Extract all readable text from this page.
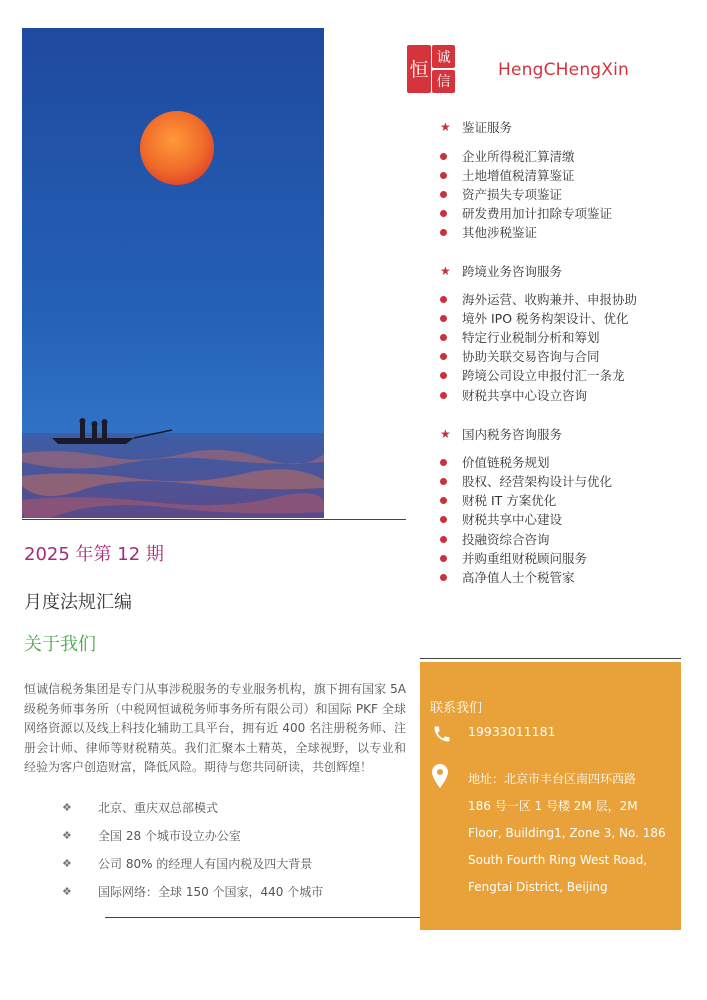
恒
诚
信
HengCHengXin
★ 鉴证服务
企业所得税汇算清缴
土地增值税清算鉴证
资产损失专项鉴证
研发费用加计扣除专项鉴证
其他涉税鉴证
★ 跨境业务咨询服务
海外运营、收购兼并、申报协助
境外 IPO 税务构架设计、优化
特定行业税制分析和筹划
协助关联交易咨询与合同
跨境公司设立申报付汇一条龙
财税共享中心设立咨询
★ 国内税务咨询服务
价值链税务规划
股权、经营架构设计与优化
财税 IT 方案优化
财税共享中心建设
投融资综合咨询
并购重组财税顾问服务
高净值人士个税管家
2025 年第 12 期
月度法规汇编
关于我们
恒诚信税务集团是专门从事涉税服务的专业服务机构，旗下拥有国家 5A 级税务师事务所（中税网恒诚税务师事务所有限公司）和国际 PKF 全球网络资源以及线上科技化辅助工具平台，拥有近 400 名注册税务师、注册会计师、律师等财税精英。我们汇聚本土精英，全球视野，以专业和经验为客户创造财富，降低风险。期待与您共同研读，共创辉煌！
❖	北京、重庆双总部模式
❖	全国 28 个城市设立办公室
❖	公司 80% 的经理人有国内税及四大背景
❖	国际网络：全球 150 个国家，440 个城市
联系我们
19933011181
地址：北京市丰台区南四环西路
186 号一区 1 号楼 2M 层，2M
Floor, Building1, Zone 3, No. 186
South Fourth Ring West Road,
Fengtai District, Beijing
